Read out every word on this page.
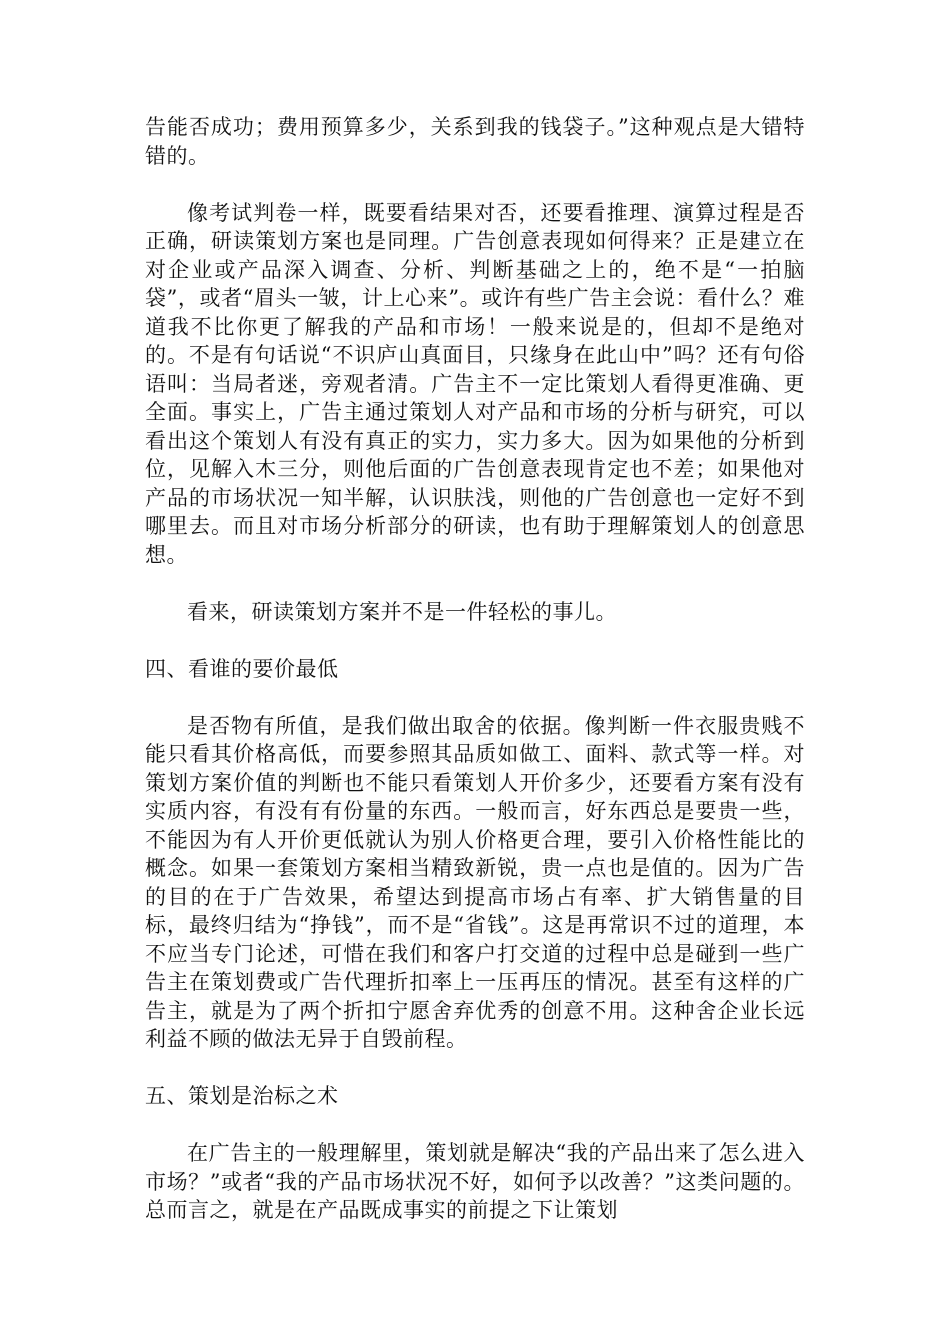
告能否成功；费用预算多少，关系到我的钱袋子。”这种观点是大错特错的。

像考试判卷一样，既要看结果对否，还要看推理、演算过程是否正确，研读策划方案也是同理。广告创意表现如何得来？正是建立在对企业或产品深入调查、分析、判断基础之上的，绝不是“一拍脑袋”，或者“眉头一皱，计上心来”。或许有些广告主会说：看什么？难道我不比你更了解我的产品和市场！一般来说是的，但却不是绝对的。不是有句话说“不识庐山真面目，只缘身在此山中”吗？还有句俗语叫：当局者迷，旁观者清。广告主不一定比策划人看得更准确、更全面。事实上，广告主通过策划人对产品和市场的分析与研究，可以看出这个策划人有没有真正的实力，实力多大。因为如果他的分析到位，见解入木三分，则他后面的广告创意表现肯定也不差；如果他对产品的市场状况一知半解，认识肤浅，则他的广告创意也一定好不到哪里去。而且对市场分析部分的研读，也有助于理解策划人的创意思想。

看来，研读策划方案并不是一件轻松的事儿。

四、看谁的要价最低

是否物有所值，是我们做出取舍的依据。像判断一件衣服贵贱不能只看其价格高低，而要参照其品质如做工、面料、款式等一样。对策划方案价值的判断也不能只看策划人开价多少，还要看方案有没有实质内容，有没有有份量的东西。一般而言，好东西总是要贵一些，不能因为有人开价更低就认为别人价格更合理，要引入价格性能比的概念。如果一套策划方案相当精致新锐，贵一点也是值的。因为广告的目的在于广告效果，希望达到提高市场占有率、扩大销售量的目标，最终归结为“挣钱”，而不是“省钱”。这是再常识不过的道理，本不应当专门论述，可惜在我们和客户打交道的过程中总是碰到一些广告主在策划费或广告代理折扣率上一压再压的情况。甚至有这样的广告主，就是为了两个折扣宁愿舍弃优秀的创意不用。这种舍企业长远利益不顾的做法无异于自毁前程。

五、策划是治标之术

在广告主的一般理解里，策划就是解决“我的产品出来了怎么进入市场？”或者“我的产品市场状况不好，如何予以改善？”这类问题的。总而言之，就是在产品既成事实的前提之下让策划
